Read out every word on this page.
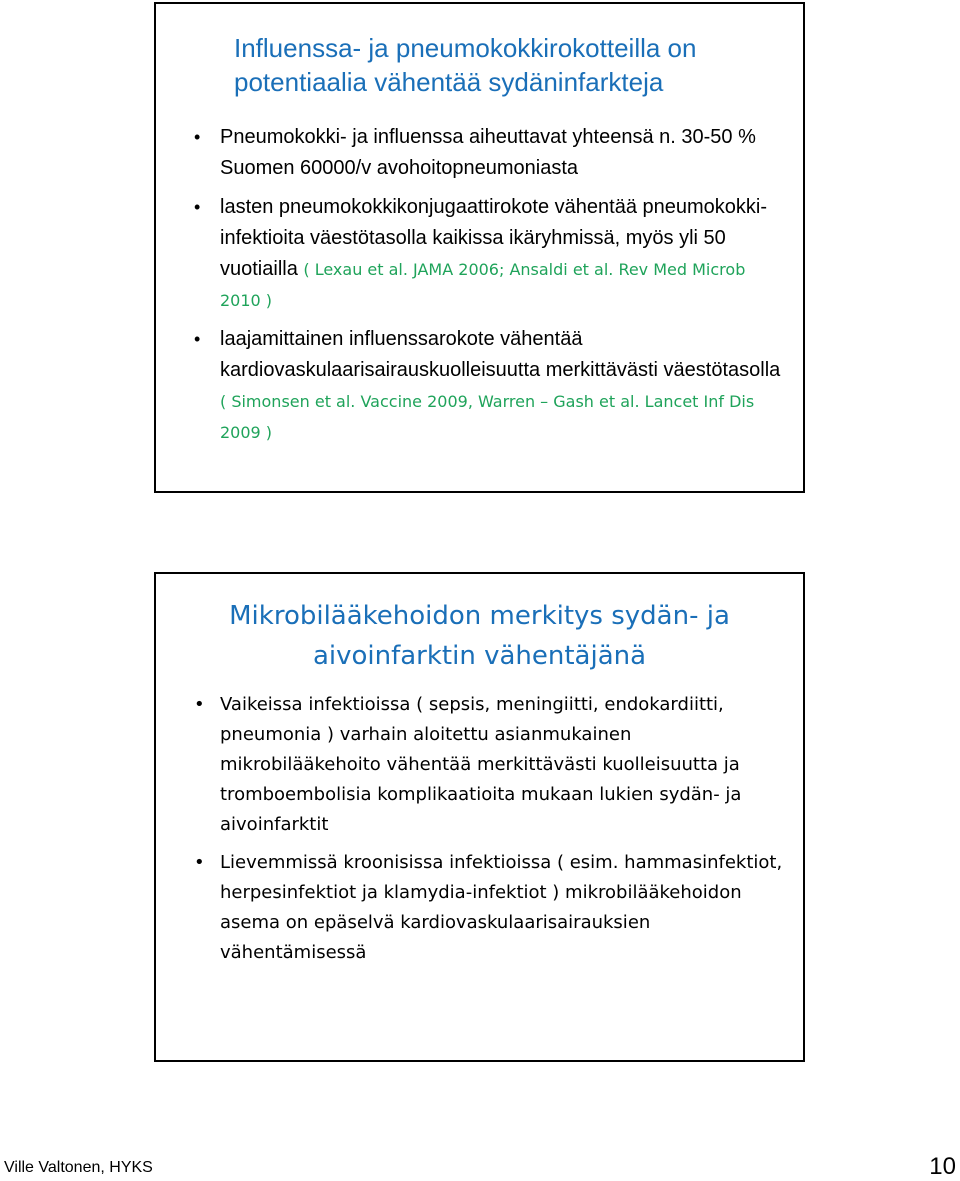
Influenssa- ja pneumokokkirokotteilla on
potentiaalia vähentää sydäninfarkteja
• Pneumokokki- ja influenssa aiheuttavat yhteensä n. 30-50 % Suomen 60000/v avohoitopneumoniasta
• lasten pneumokokkikonjugaattirokote vähentää pneumokokki-infektioita väestötasolla kaikissa ikäryhmissä, myös yli 50 vuotiailla ( Lexau et al. JAMA 2006; Ansaldi et al. Rev Med Microb 2010 )
• laajamittainen influenssarokote vähentää kardiovaskulaarisairauskuolleisuutta merkittävästi väestötasolla ( Simonsen et al. Vaccine 2009, Warren – Gash et al. Lancet Inf Dis 2009 )
Mikrobilääkehoidon merkitys sydän- ja
aivoinfarktin vähentäjänä
• Vaikeissa infektioissa ( sepsis, meningiitti, endokardiitti, pneumonia ) varhain aloitettu asianmukainen mikrobilääkehoito vähentää merkittävästi kuolleisuutta ja tromboembolisia komplikaatioita mukaan lukien sydän- ja aivoinfarktit
• Lievemmissä kroonisissa infektioissa ( esim. hammasinfektiot, herpesinfektiot ja klamydia-infektiot ) mikrobilääkehoidon asema on epäselvä kardiovaskulaarisairauksien vähentämisessä
Ville Valtonen, HYKS	10
